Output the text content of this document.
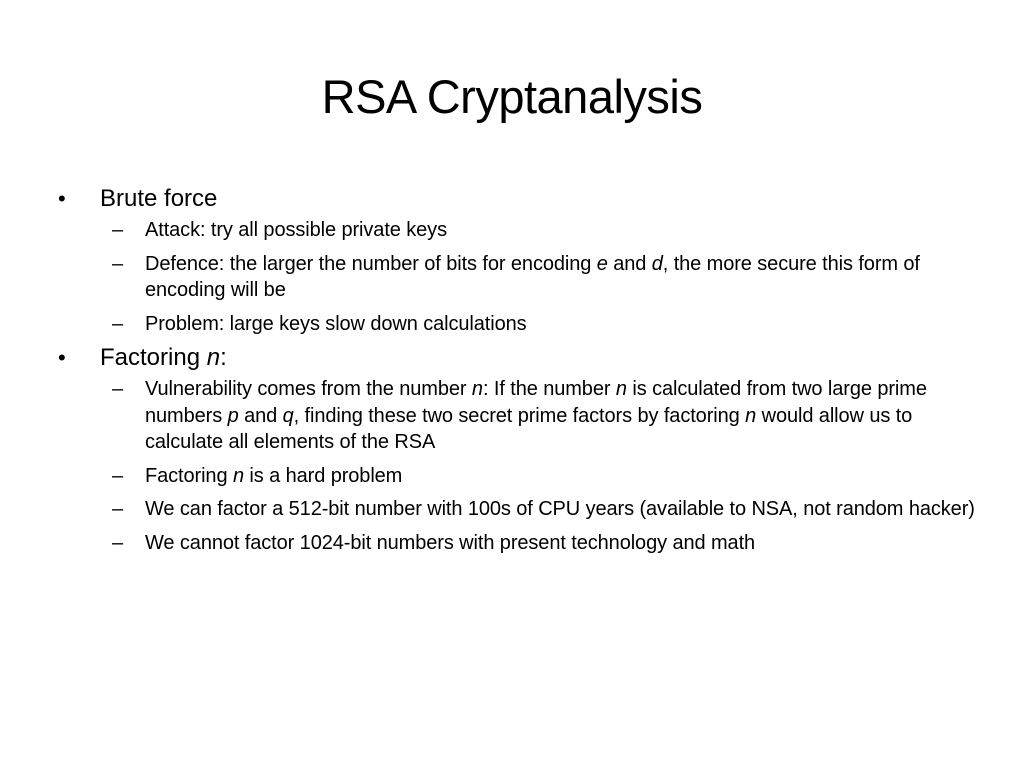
RSA Cryptanalysis
•	Brute force
–	Attack: try all possible private keys
–	Defence: the larger the number of bits for encoding e and d, the more secure this form of encoding will be
–	Problem: large keys slow down calculations
•	Factoring n:
–	Vulnerability comes from the number n: If the number n is calculated from two large prime numbers p and q, finding these two secret prime factors by factoring n would allow us to calculate all elements of the RSA
–	Factoring n is a hard problem
–	We can factor a 512-bit number with 100s of CPU years (available to NSA, not random hacker)
–	We cannot factor 1024-bit numbers with present technology and math
